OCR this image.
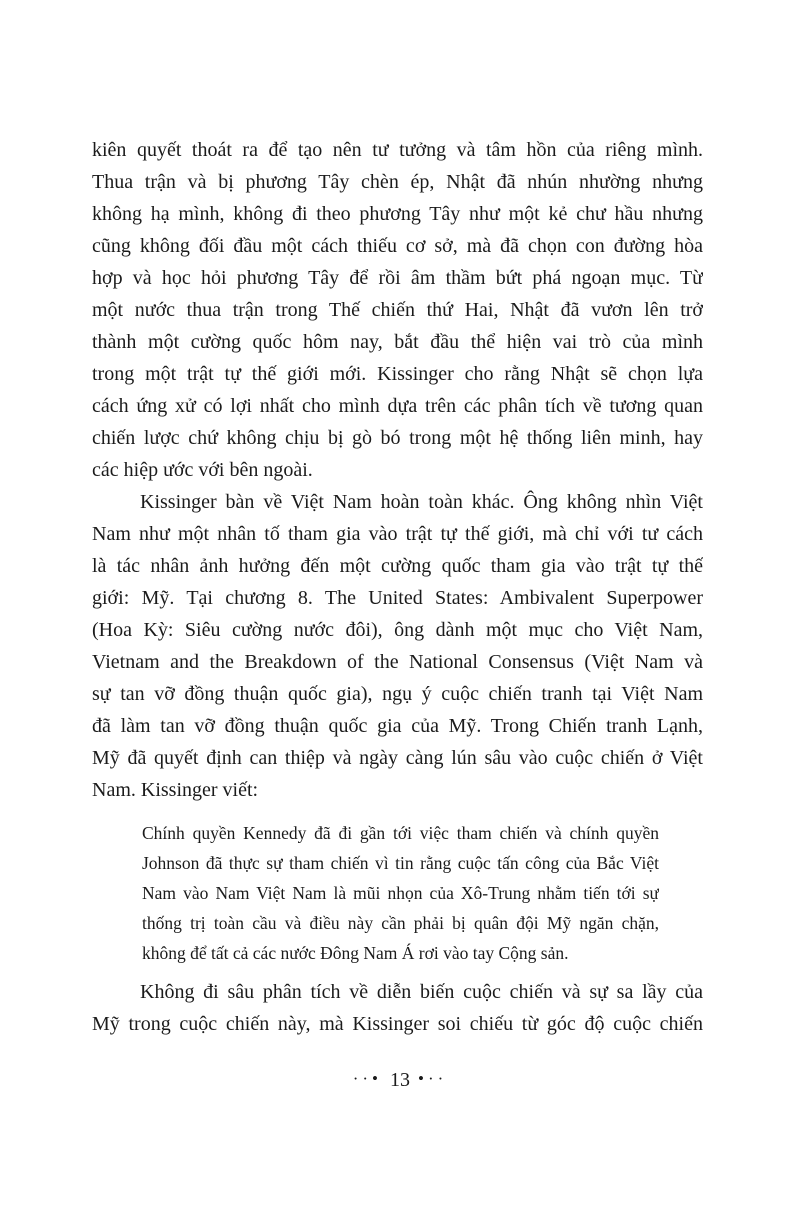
kiên quyết thoát ra để tạo nên tư tưởng và tâm hồn của riêng mình.
Thua trận và bị phương Tây chèn ép, Nhật đã nhún nhường nhưng
không hạ mình, không đi theo phương Tây như một kẻ chư hầu nhưng
cũng không đối đầu một cách thiếu cơ sở, mà đã chọn con đường hòa
hợp và học hỏi phương Tây để rồi âm thầm bứt phá ngoạn mục. Từ
một nước thua trận trong Thế chiến thứ Hai, Nhật đã vươn lên trở
thành một cường quốc hôm nay, bắt đầu thể hiện vai trò của mình
trong một trật tự thế giới mới. Kissinger cho rằng Nhật sẽ chọn lựa
cách ứng xử có lợi nhất cho mình dựa trên các phân tích về tương quan
chiến lược chứ không chịu bị gò bó trong một hệ thống liên minh, hay
các hiệp ước với bên ngoài.
Kissinger bàn về Việt Nam hoàn toàn khác. Ông không nhìn Việt
Nam như một nhân tố tham gia vào trật tự thế giới, mà chỉ với tư cách
là tác nhân ảnh hưởng đến một cường quốc tham gia vào trật tự thế
giới: Mỹ. Tại chương 8. The United States: Ambivalent Superpower
(Hoa Kỳ: Siêu cường nước đôi), ông dành một mục cho Việt Nam,
Vietnam and the Breakdown of the National Consensus (Việt Nam và
sự tan vỡ đồng thuận quốc gia), ngụ ý cuộc chiến tranh tại Việt Nam
đã làm tan vỡ đồng thuận quốc gia của Mỹ. Trong Chiến tranh Lạnh,
Mỹ đã quyết định can thiệp và ngày càng lún sâu vào cuộc chiến ở Việt
Nam. Kissinger viết:
Chính quyền Kennedy đã đi gần tới việc tham chiến và chính quyền
Johnson đã thực sự tham chiến vì tin rằng cuộc tấn công của Bắc Việt
Nam vào Nam Việt Nam là mũi nhọn của Xô-Trung nhằm tiến tới sự
thống trị toàn cầu và điều này cần phải bị quân đội Mỹ ngăn chặn,
không để tất cả các nước Đông Nam Á rơi vào tay Cộng sản.
Không đi sâu phân tích về diễn biến cuộc chiến và sự sa lầy của
Mỹ trong cuộc chiến này, mà Kissinger soi chiếu từ góc độ cuộc chiến
··• 13 •··
